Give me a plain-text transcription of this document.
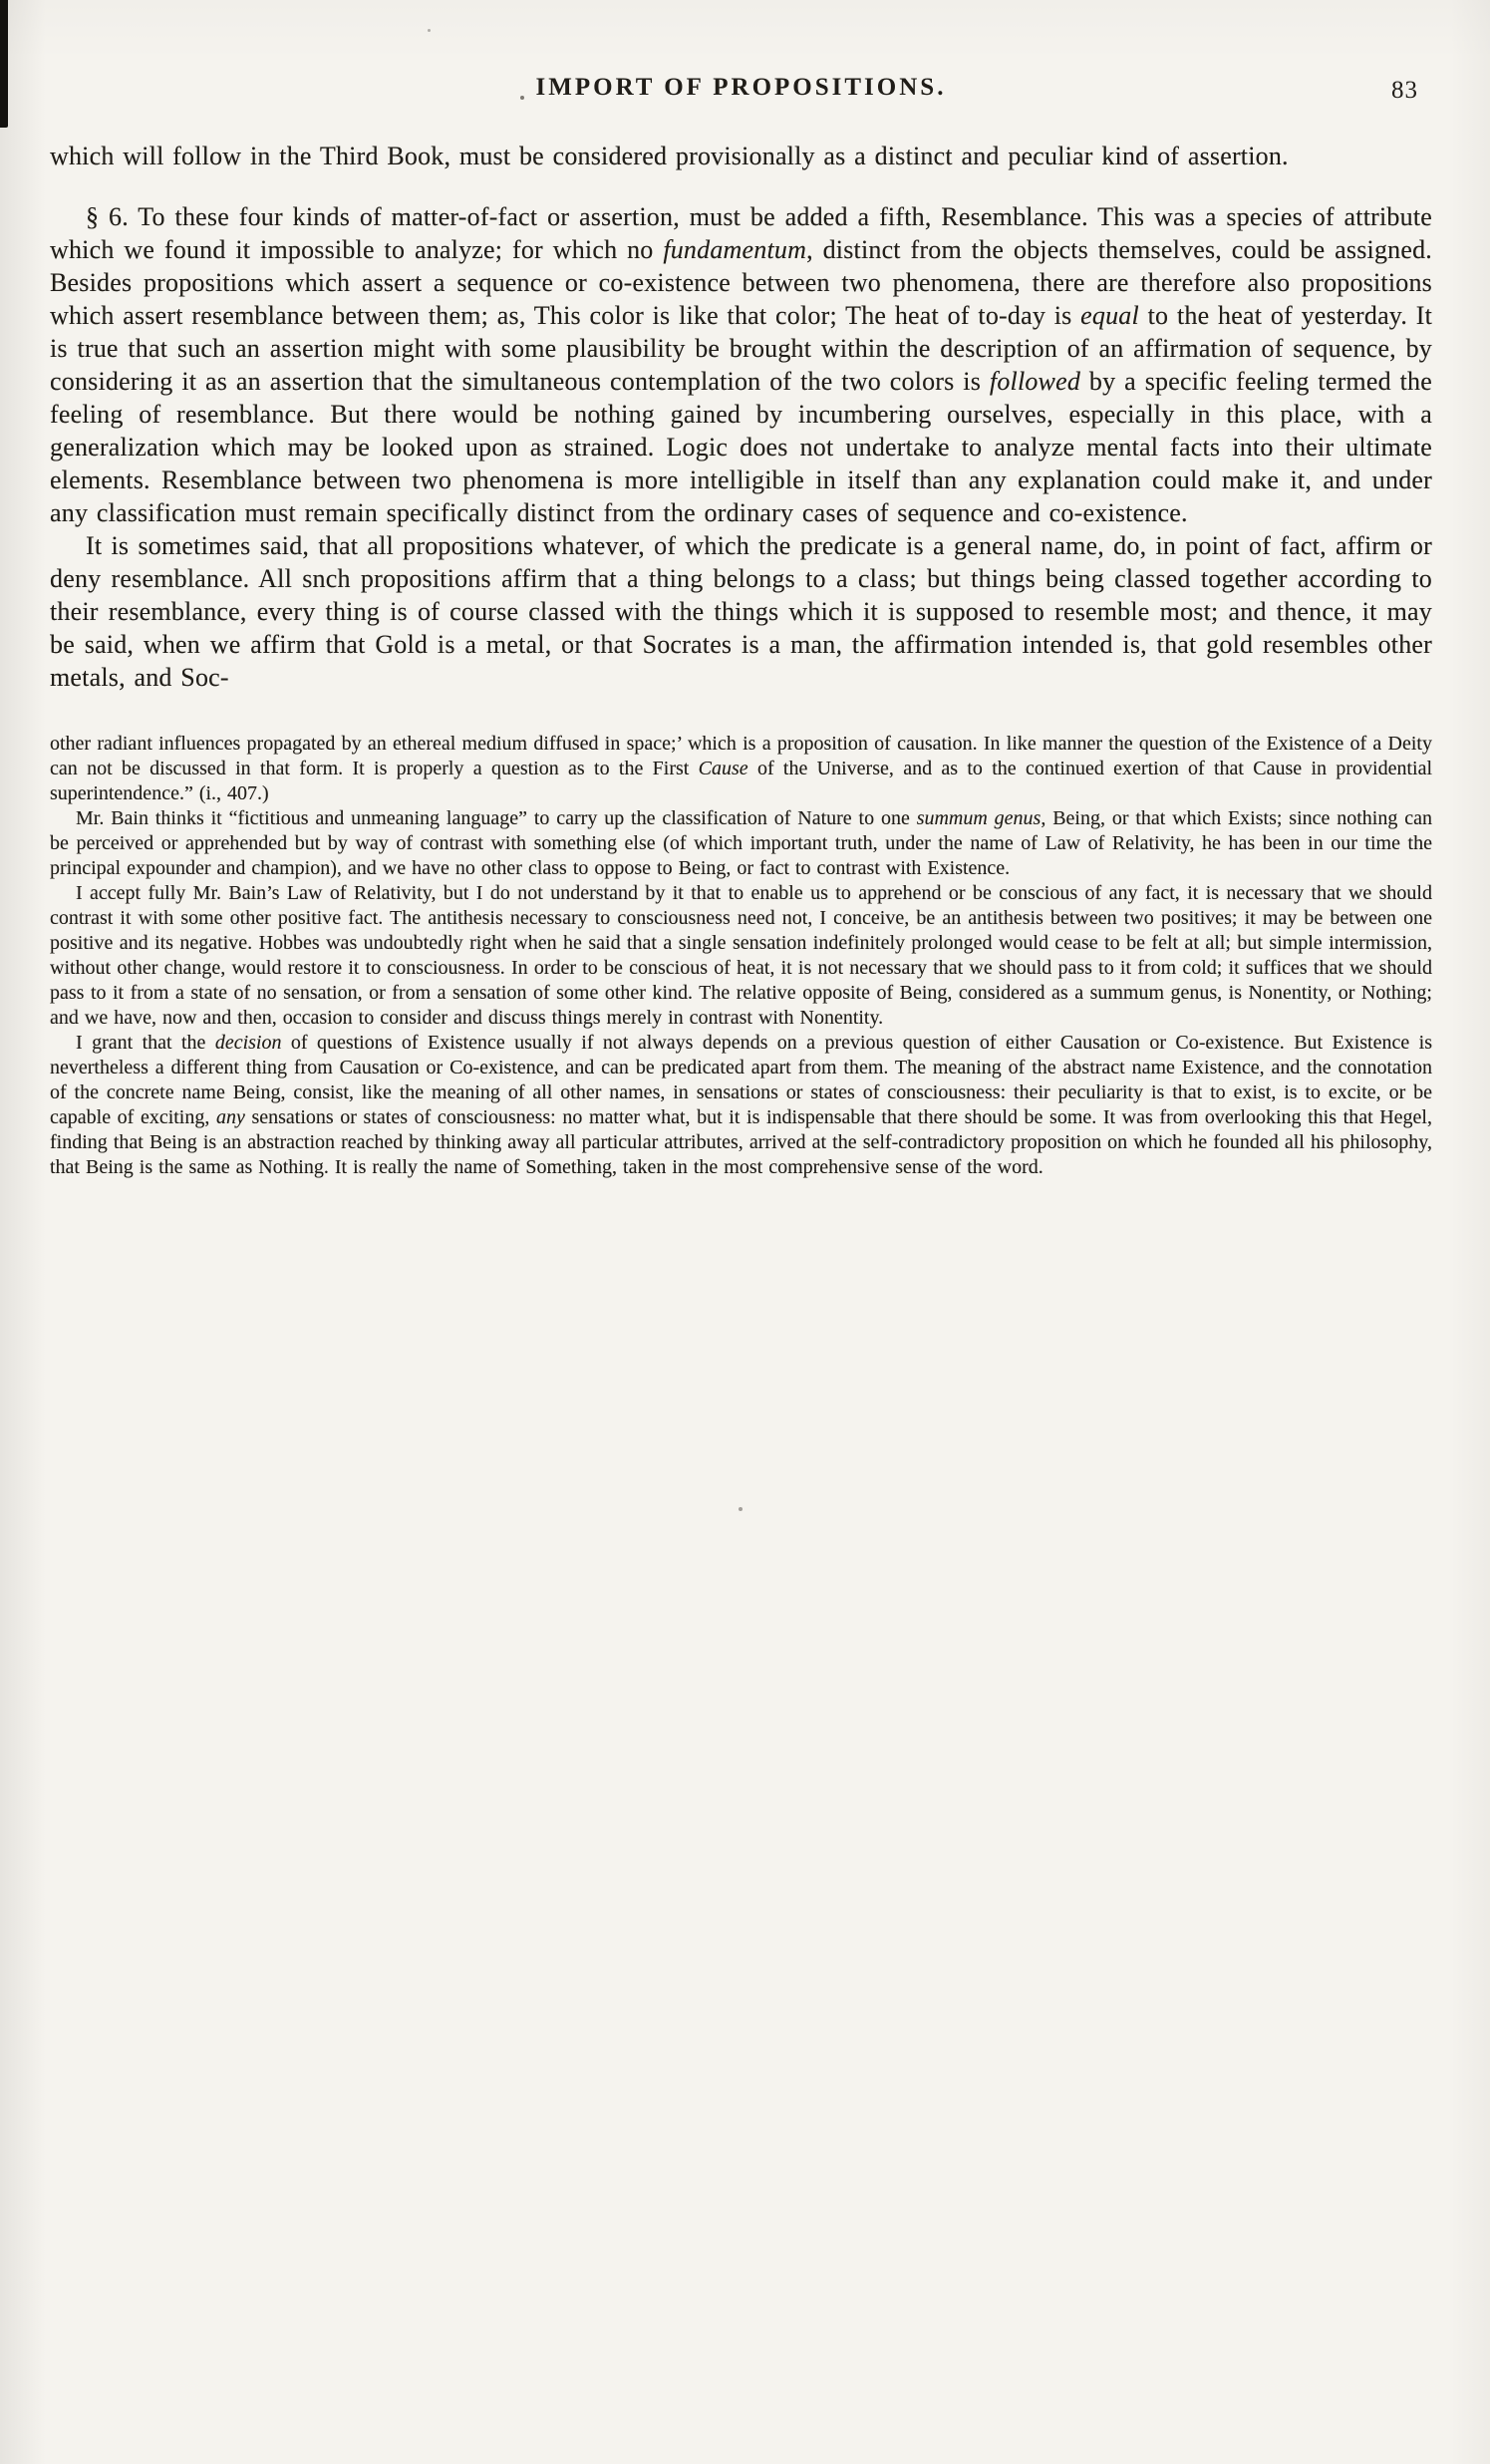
IMPORT OF PROPOSITIONS.	83

which will follow in the Third Book, must be considered provisionally as a distinct and peculiar kind of assertion.

§ 6. To these four kinds of matter-of-fact or assertion, must be added a fifth, Resemblance. This was a species of attribute which we found it impossible to analyze; for which no fundamentum, distinct from the objects themselves, could be assigned. Besides propositions which assert a sequence or co-existence between two phenomena, there are therefore also propositions which assert resemblance between them; as, This color is like that color; The heat of to-day is equal to the heat of yesterday. It is true that such an assertion might with some plausibility be brought within the description of an affirmation of sequence, by considering it as an assertion that the simultaneous contemplation of the two colors is followed by a specific feeling termed the feeling of resemblance. But there would be nothing gained by incumbering ourselves, especially in this place, with a generalization which may be looked upon as strained. Logic does not undertake to analyze mental facts into their ultimate elements. Resemblance between two phenomena is more intelligible in itself than any explanation could make it, and under any classification must remain specifically distinct from the ordinary cases of sequence and co-existence.

It is sometimes said, that all propositions whatever, of which the predicate is a general name, do, in point of fact, affirm or deny resemblance. All snch propositions affirm that a thing belongs to a class; but things being classed together according to their resemblance, every thing is of course classed with the things which it is supposed to resemble most; and thence, it may be said, when we affirm that Gold is a metal, or that Socrates is a man, the affirmation intended is, that gold resembles other metals, and Soc-

other radiant influences propagated by an ethereal medium diffused in space;’ which is a proposition of causation. In like manner the question of the Existence of a Deity can not be discussed in that form. It is properly a question as to the First Cause of the Universe, and as to the continued exertion of that Cause in providential superintendence.” (i., 407.)

Mr. Bain thinks it “fictitious and unmeaning language” to carry up the classification of Nature to one summum genus, Being, or that which Exists; since nothing can be perceived or apprehended but by way of contrast with something else (of which important truth, under the name of Law of Relativity, he has been in our time the principal expounder and champion), and we have no other class to oppose to Being, or fact to contrast with Existence.

I accept fully Mr. Bain’s Law of Relativity, but I do not understand by it that to enable us to apprehend or be conscious of any fact, it is necessary that we should contrast it with some other positive fact. The antithesis necessary to consciousness need not, I conceive, be an antithesis between two positives; it may be between one positive and its negative. Hobbes was undoubtedly right when he said that a single sensation indefinitely prolonged would cease to be felt at all; but simple intermission, without other change, would restore it to consciousness. In order to be conscious of heat, it is not necessary that we should pass to it from cold; it suffices that we should pass to it from a state of no sensation, or from a sensation of some other kind. The relative opposite of Being, considered as a summum genus, is Nonentity, or Nothing; and we have, now and then, occasion to consider and discuss things merely in contrast with Nonentity.

I grant that the decision of questions of Existence usually if not always depends on a previous question of either Causation or Co-existence. But Existence is nevertheless a different thing from Causation or Co-existence, and can be predicated apart from them. The meaning of the abstract name Existence, and the connotation of the concrete name Being, consist, like the meaning of all other names, in sensations or states of consciousness: their peculiarity is that to exist, is to excite, or be capable of exciting, any sensations or states of consciousness: no matter what, but it is indispensable that there should be some. It was from overlooking this that Hegel, finding that Being is an abstraction reached by thinking away all particular attributes, arrived at the self-contradictory proposition on which he founded all his philosophy, that Being is the same as Nothing. It is really the name of Something, taken in the most comprehensive sense of the word.
